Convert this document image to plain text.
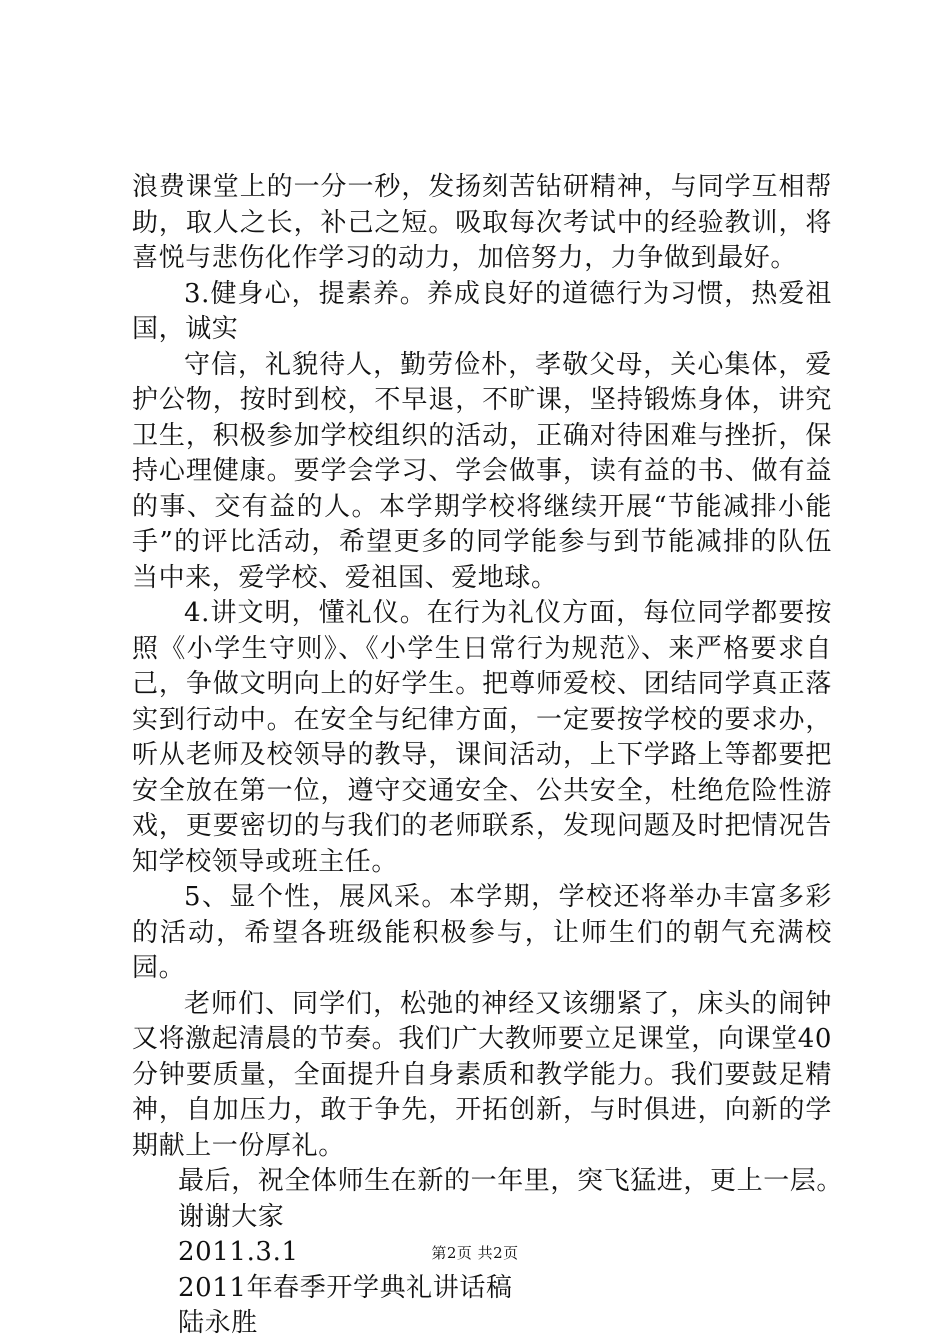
浪费课堂上的一分一秒，发扬刻苦钻研精神，与同学互相帮助，取人之长，补己之短。吸取每次考试中的经验教训，将喜悦与悲伤化作学习的动力，加倍努力，力争做到最好。

3.健身心，提素养。养成良好的道德行为习惯，热爱祖国，诚实

守信，礼貌待人，勤劳俭朴，孝敬父母，关心集体，爱护公物，按时到校，不早退，不旷课，坚持锻炼身体，讲究卫生，积极参加学校组织的活动，正确对待困难与挫折，保持心理健康。要学会学习、学会做事，读有益的书、做有益的事、交有益的人。本学期学校将继续开展“节能减排小能手”的评比活动，希望更多的同学能参与到节能减排的队伍当中来，爱学校、爱祖国、爱地球。

4.讲文明，懂礼仪。在行为礼仪方面，每位同学都要按照《小学生守则》、《小学生日常行为规范》、来严格要求自己，争做文明向上的好学生。把尊师爱校、团结同学真正落实到行动中。在安全与纪律方面，一定要按学校的要求办，听从老师及校领导的教导，课间活动，上下学路上等都要把安全放在第一位，遵守交通安全、公共安全，杜绝危险性游戏，更要密切的与我们的老师联系，发现问题及时把情况告知学校领导或班主任。

5、显个性，展风采。本学期，学校还将举办丰富多彩的活动，希望各班级能积极参与，让师生们的朝气充满校园。

老师们、同学们，松弛的神经又该绷紧了，床头的闹钟又将激起清晨的节奏。我们广大教师要立足课堂，向课堂40分钟要质量，全面提升自身素质和教学能力。我们要鼓足精神，自加压力，敢于争先，开拓创新，与时俱进，向新的学期献上一份厚礼。

最后，祝全体师生在新的一年里，突飞猛进，更上一层。

谢谢大家

2011.3.1

2011年春季开学典礼讲话稿

陆永胜

第2页 共2页
